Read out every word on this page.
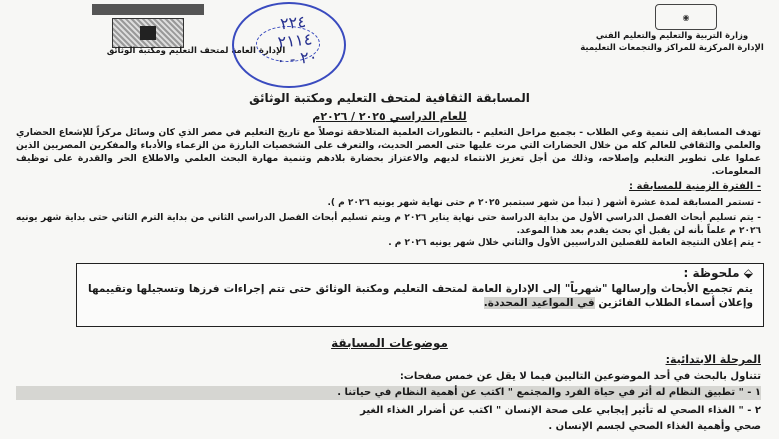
◉
وزارة التربية والتعليم والتعليم الفني
الإدارة المركزية للمراكز والتجمعات التعليمية
الإدارة العامة لمتحف التعليم ومكتبة الوثائق
٢٢٤
٢١١٤
٢٠ - ٠
المسابقة الثقافية لمتحف التعليم ومكتبة الوثائق
للعام الدراسي ٢٠٢٥ / ٢٠٢٦م
تهدف المسابقة إلى تنمية وعي الطلاب - بجميع مراحل التعليم - بالتطورات العلمية المتلاحقة توصلاً مع تاريخ التعليم في مصر الذي كان وسائل مركزاً للإشعاع الحضاري والعلمي والثقافي للعالم كله من خلال الحضارات التي مرت عليها حتى العصر الحديث، والتعرف على الشخصيات البارزة من الزعماء والأدباء والمفكرين المصريين الذين عملوا على تطوير التعليم وإصلاحه، وذلك من أجل تعزيز الانتماء لديهم والاعتزاز بحضارة بلادهم وتنمية مهارة البحث العلمي والاطلاع الحر والقدرة على توظيف المعلومات.
- الفترة الزمنية للمسابقة :
- تستمر المسابقة لمدة عشرة أشهر ( تبدأ من شهر سبتمبر ٢٠٢٥ م حتى نهاية شهر يونيه ٢٠٢٦ م ).
- يتم تسليم أبحاث الفصل الدراسي الأول من بداية الدراسة حتى نهاية يناير ٢٠٢٦ م ويتم تسليم أبحاث الفصل الدراسي الثاني من بداية الترم الثاني حتى بداية شهر يونيه ٢٠٢٦ م علماً بأنه لن يقبل أي بحث يقدم بعد هذا الموعد.
- يتم إعلان النتيجة العامة للفصلين الدراسيين الأول والثاني خلال شهر يونيه ٢٠٢٦ م .
⬙ ملحوظة :
يتم تجميع الأبحاث وإرسالها "شهرياً" إلى الإدارة العامة لمتحف التعليم ومكتبة الوثائق حتى تتم إجراءات فرزها وتسجيلها وتقييمها وإعلان أسماء الطلاب الفائزين في المواعيد المحددة.
موضوعات المسابقة
المرحلة الابتدائية:
تتناول بالبحث في أحد الموضوعين التاليين فيما لا يقل عن خمس صفحات:
١ - " تطبيق النظام له أثر في حياة الفرد والمجتمع " اكتب عن أهمية النظام في حياتنا .
٢ - " الغذاء الصحي له تأثير إيجابي على صحة الإنسان " اكتب عن أضرار الغذاء الغير
صحي وأهمية الغذاء الصحي لجسم الإنسان .
